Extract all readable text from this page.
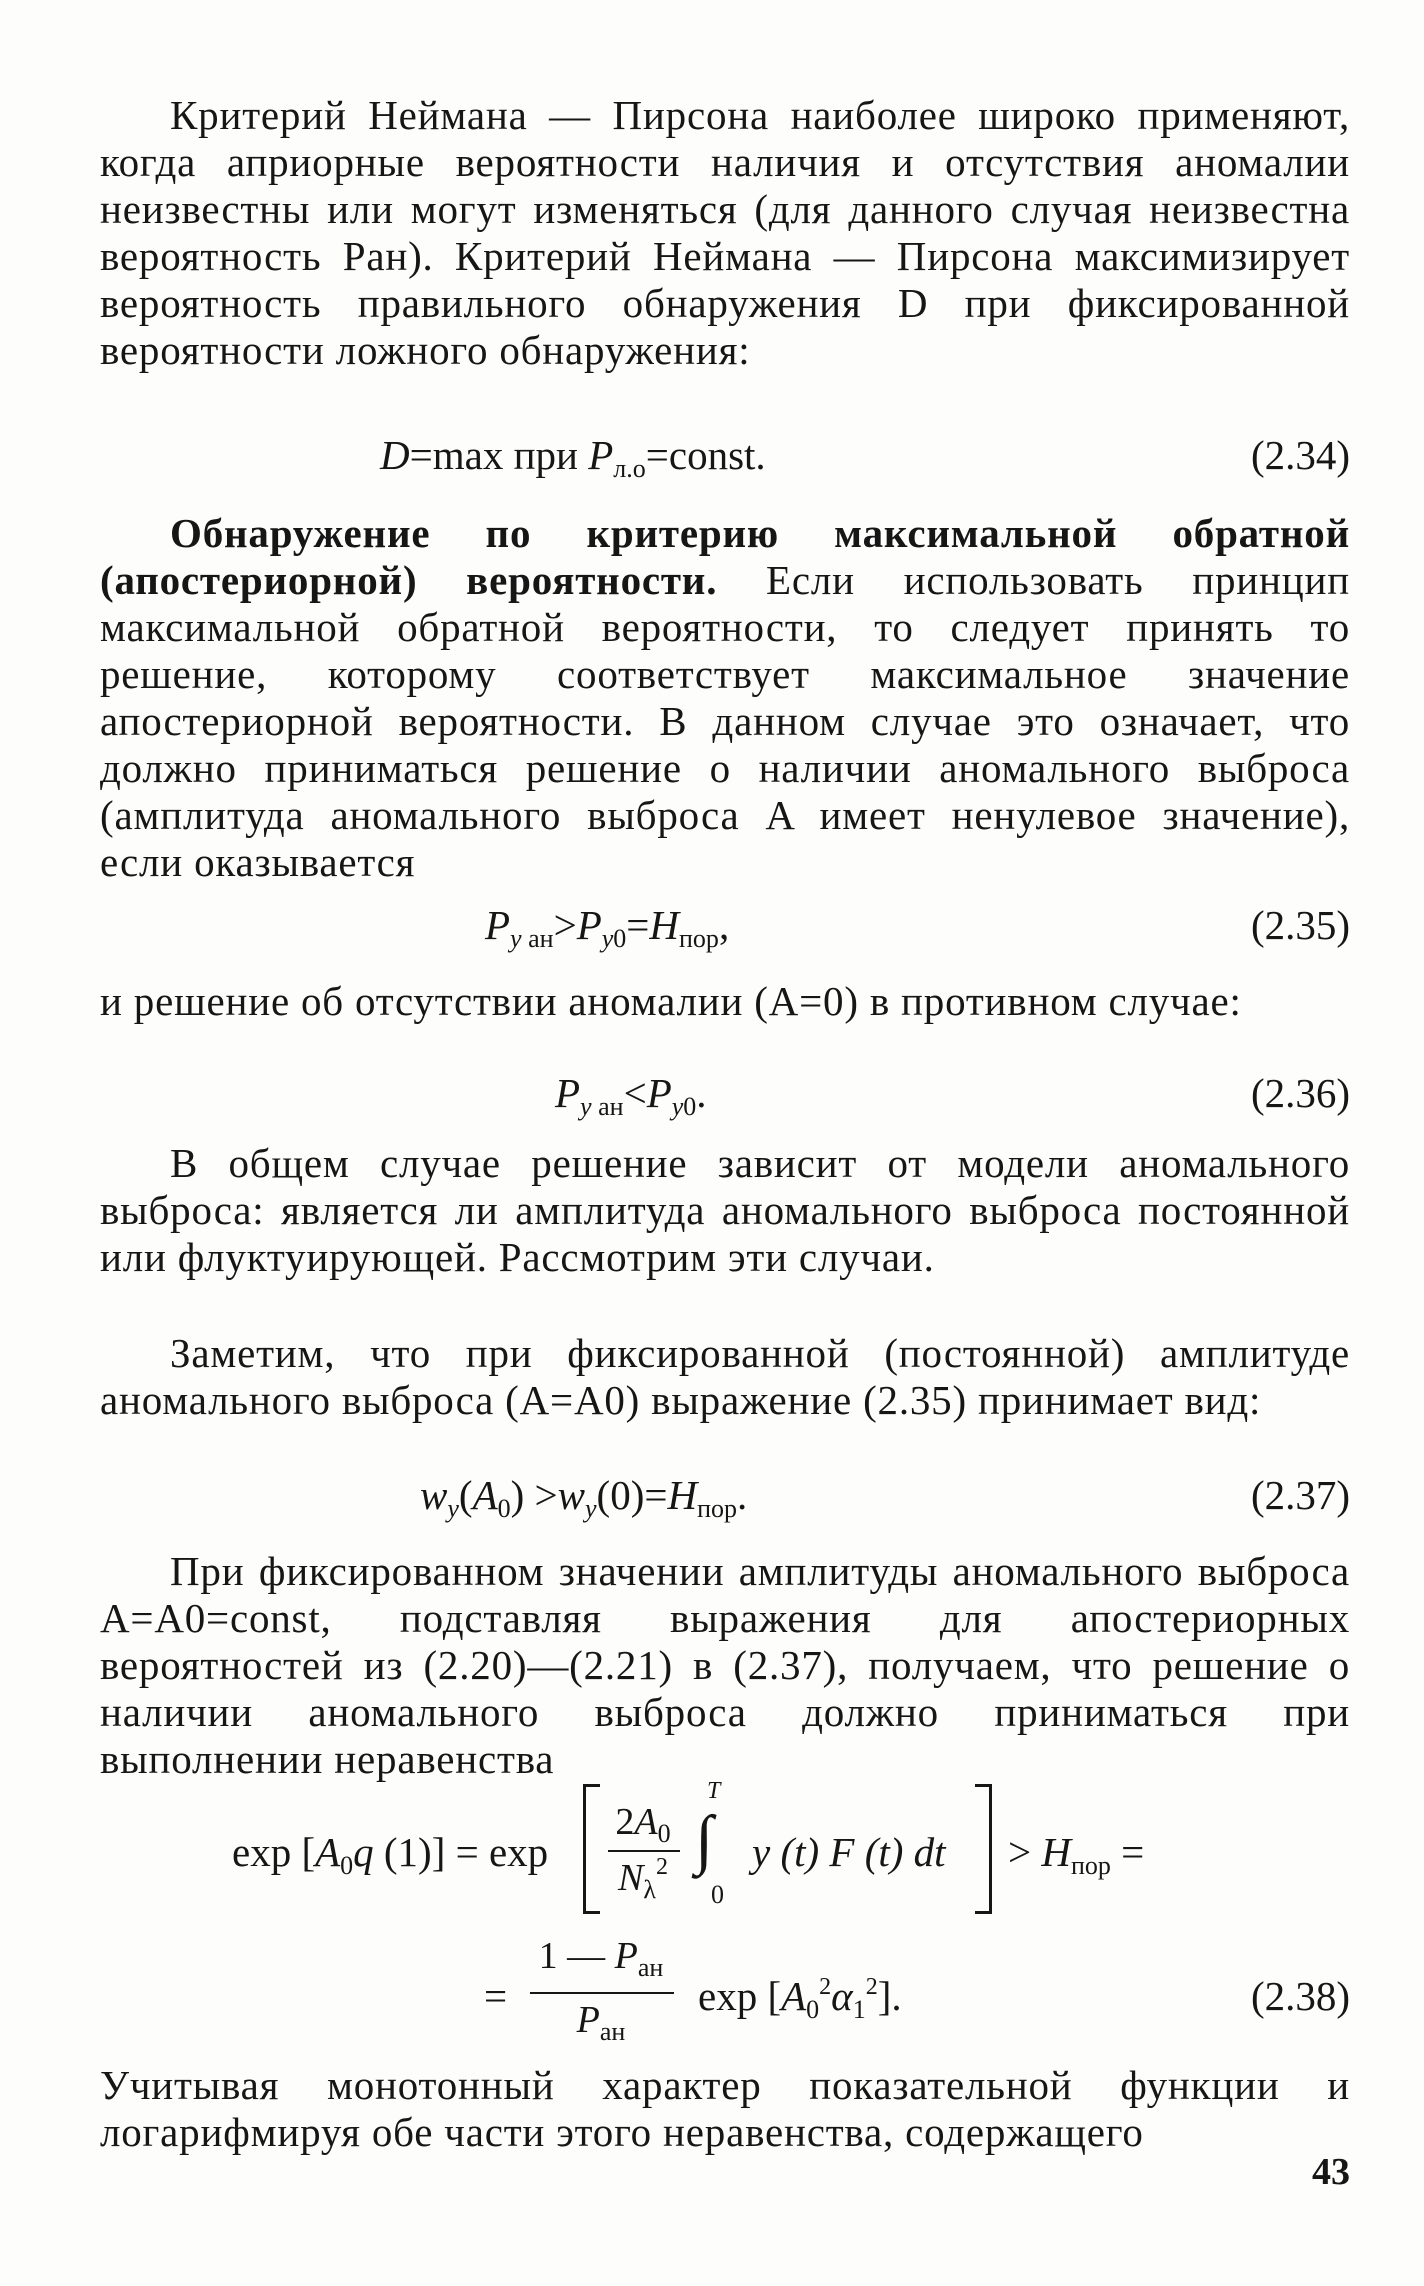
Критерий Неймана — Пирсона наиболее широко применяют, когда априорные вероятности наличия и отсутствия аномалии неизвестны или могут изменяться (для данного случая неизвестна вероятность Pан). Критерий Неймана — Пирсона максимизирует вероятность правильного обнаружения D при фиксированной вероятности ложного обнаружения:

D=max при $P_{л.о}=const$.	(2.34)

Обнаружение по критерию максимальной обратной (апостериорной) вероятности. Если использовать принцип максимальной обратной вероятности, то следует принять то решение, которому соответствует максимальное значение апостериорной вероятности. В данном случае это означает, что должно приниматься решение о наличии аномального выброса (амплитуда аномального выброса A имеет ненулевое значение), если оказывается

$P_{y ан}>P_{y0}=H_{пор}$,	(2.35)

и решение об отсутствии аномалии (A=0) в противном случае:

$P_{y ан}<P_{y0}$.	(2.36)

В общем случае решение зависит от модели аномального выброса: является ли амплитуда аномального выброса постоянной или флуктуирующей. Рассмотрим эти случаи.

Заметим, что при фиксированной (постоянной) амплитуде аномального выброса (A=A0) выражение (2.35) принимает вид:

$w_y(A_0) >w_y(0)=H_{пор}$.	(2.37)

При фиксированном значении амплитуды аномального выброса A=A0=const, подставляя выражения для апостериорных вероятностей из (2.20)—(2.21) в (2.37), получаем, что решение о наличии аномального выброса должно приниматься при выполнении неравенства

$\exp [A_0q$ (1)] = exp
$2A_0$
$N_\lambda^2$
T
∫
0
y (t) F (t) dt > $H_{пор}$ =
=
1 — $P_{ан}$
$P_{ан}$
$\exp [A_0^2\alpha_1^2]$.	(2.38)

Учитывая монотонный характер показательной функции и логарифмируя обе части этого неравенства, содержащего

43
